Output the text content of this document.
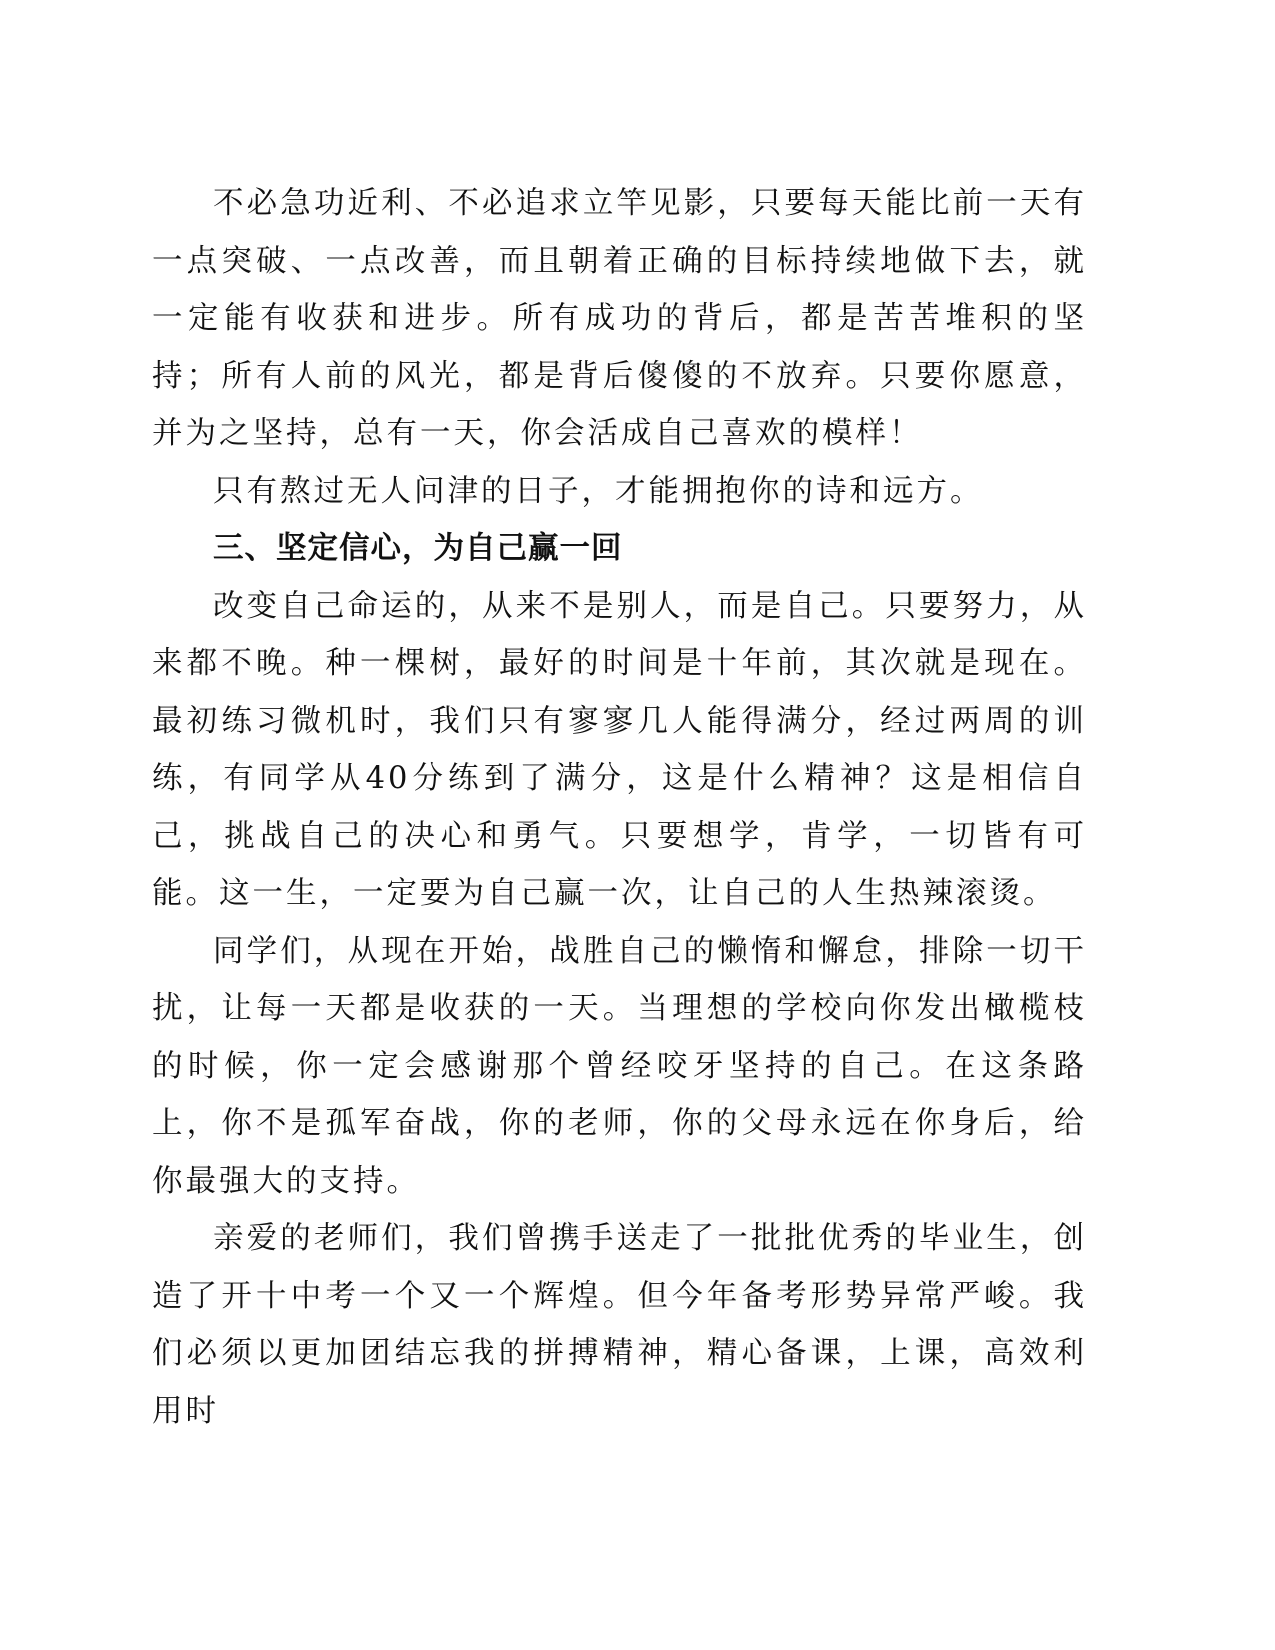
不必急功近利、不必追求立竿见影，只要每天能比前一天有一点突破、一点改善，而且朝着正确的目标持续地做下去，就一定能有收获和进步。所有成功的背后，都是苦苦堆积的坚持；所有人前的风光，都是背后傻傻的不放弃。只要你愿意，并为之坚持，总有一天，你会活成自己喜欢的模样！

只有熬过无人问津的日子，才能拥抱你的诗和远方。

三、坚定信心，为自己赢一回

改变自己命运的，从来不是别人，而是自己。只要努力，从来都不晚。种一棵树，最好的时间是十年前，其次就是现在。最初练习微机时，我们只有寥寥几人能得满分，经过两周的训练，有同学从40分练到了满分，这是什么精神？这是相信自己，挑战自己的决心和勇气。只要想学，肯学，一切皆有可能。这一生，一定要为自己赢一次，让自己的人生热辣滚烫。

同学们，从现在开始，战胜自己的懒惰和懈怠，排除一切干扰，让每一天都是收获的一天。当理想的学校向你发出橄榄枝的时候，你一定会感谢那个曾经咬牙坚持的自己。在这条路上，你不是孤军奋战，你的老师，你的父母永远在你身后，给你最强大的支持。

亲爱的老师们，我们曾携手送走了一批批优秀的毕业生，创造了开十中考一个又一个辉煌。但今年备考形势异常严峻。我们必须以更加团结忘我的拼搏精神，精心备课，上课，高效利用时
